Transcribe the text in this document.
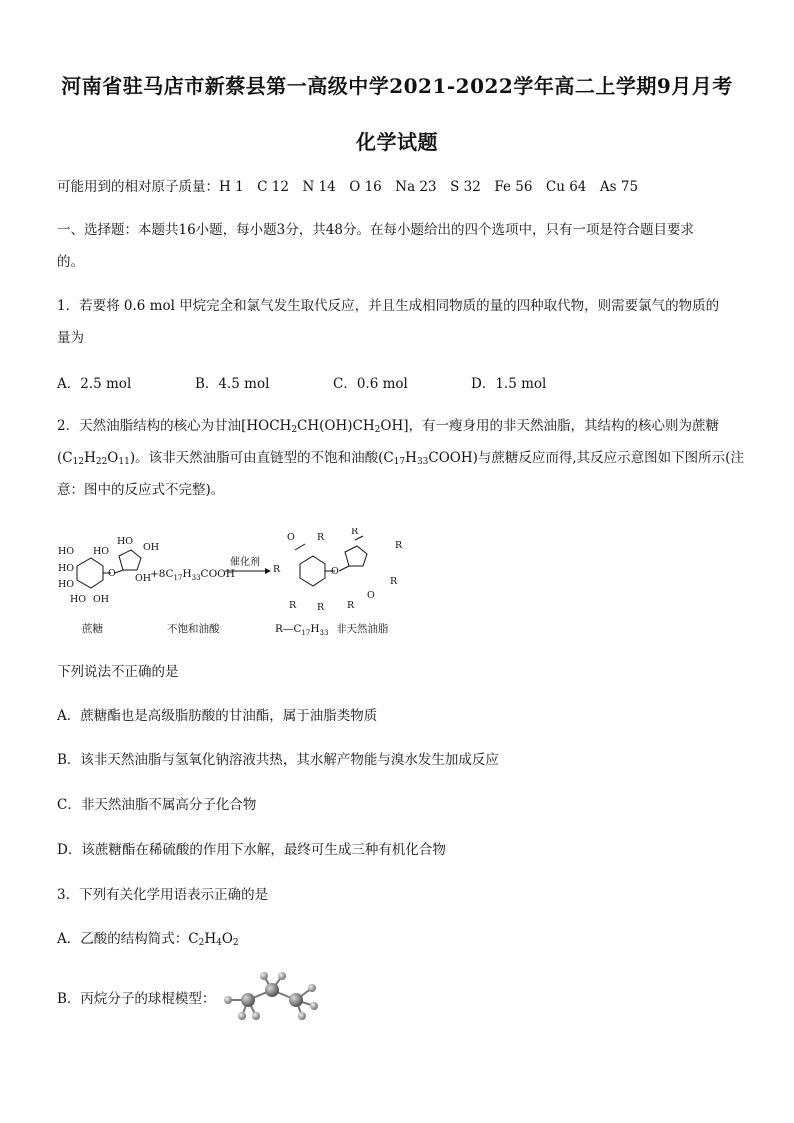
河南省驻马店市新蔡县第一高级中学2021-2022学年高二上学期9月月考
化学试题
可能用到的相对原子质量：H 1　C 12　N 14　O 16　Na 23　S 32　Fe 56　Cu 64　As 75
一、选择题：本题共16小题，每小题3分，共48分。在每小题给出的四个选项中，只有一项是符合题目要求
的。
1．若要将 0.6 mol 甲烷完全和氯气发生取代反应，并且生成相同物质的量的四种取代物，则需要氯气的物质的
量为
A．2.5 mol	B．4.5 mol	C．0.6 mol	D．1.5 mol
2．天然油脂结构的核心为甘油$[HOCH_2CH(OH)CH_2OH]$，有一瘦身用的非天然油脂，其结构的核心则为蔗糖
$(C_{12}H_{22}O_{11})$。该非天然油脂可由直链型的不饱和油酸$(C_{17}H_{33}COOH)$与蔗糖反应而得,其反应示意图如下图所示(注
意：图中的反应式不完整)。
HO
HO
HO
HO OH
HO
O
HO
OH
OH
$+8C_{17}H_{33}COOH$
催化剂
O R
R
R
R	O
R
R R R
O
蔗糖	不饱和油酸	$R—C_{17}H_{33}$ 非天然油脂
下列说法不正确的是
A．蔗糖酯也是高级脂肪酸的甘油酯，属于油脂类物质
B．该非天然油脂与氢氧化钠溶液共热，其水解产物能与溴水发生加成反应
C．非天然油脂不属高分子化合物
D．该蔗糖酯在稀硫酸的作用下水解，最终可生成三种有机化合物
3．下列有关化学用语表示正确的是
A．乙酸的结构简式：$C_2H_4O_2$
B．丙烷分子的球棍模型：
